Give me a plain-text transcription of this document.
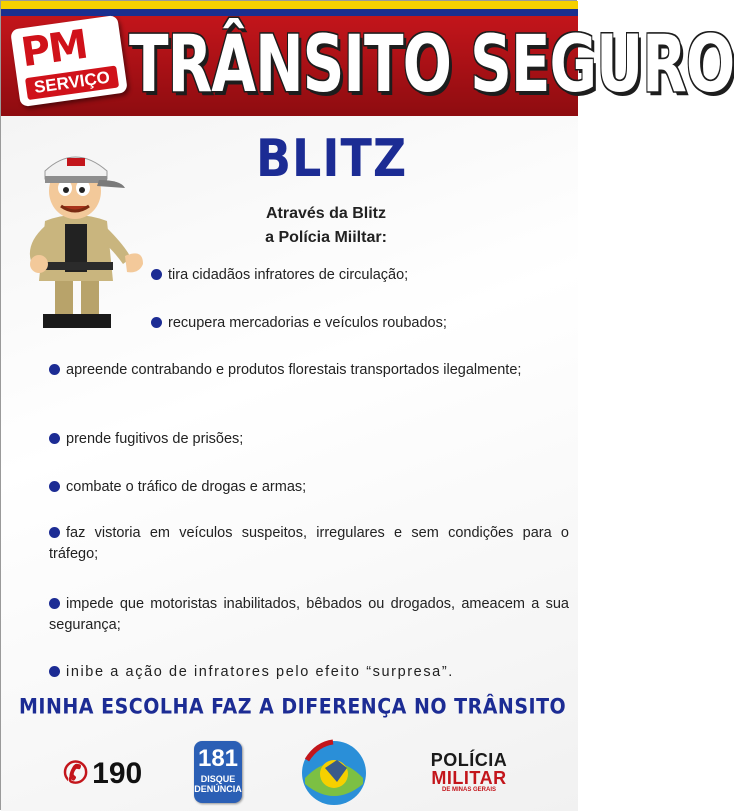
PM
SERVIÇO TRÂNSITO SEGURO
BLITZ
Através da Blitz
a Polícia Miiltar:
tira cidadãos infratores de circulação;
recupera mercadorias e veículos roubados;
apreende contrabando e produtos florestais transportados ilegalmente;
prende fugitivos de prisões;
combate o tráfico de drogas e armas;
faz vistoria em veículos suspeitos, irregulares e sem condições para o tráfego;
impede que motoristas inabilitados, bêbados ou drogados, ameacem a sua segurança;
inibe a ação de infratores pelo efeito “surpresa”.
MINHA ESCOLHA FAZ A DIFERENÇA NO TRÂNSITO
✆ 190 181
DISQUE DENÚNCIA
POLÍCIA
MILITAR
DE MINAS GERAIS
